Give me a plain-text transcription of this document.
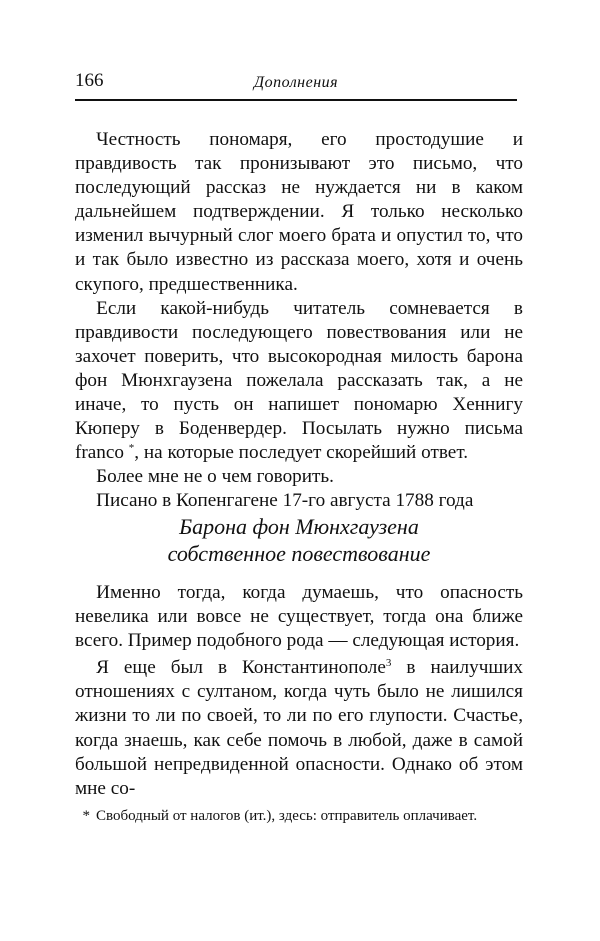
166	Дополнения

Честность пономаря, его простодушие и правдивость так пронизывают это письмо, что последующий рассказ не нуждается ни в каком дальнейшем подтверждении. Я только несколько изменил вычурный слог моего брата и опустил то, что и так было известно из рассказа моего, хотя и очень скупого, предшественника.

Если какой-нибудь читатель сомневается в правдивости последующего повествования или не захочет поверить, что высокородная милость барона фон Мюнхгаузена пожелала рассказать так, а не иначе, то пусть он напишет пономарю Хеннигу Кюперу в Боденвердер. Посылать нужно письма franco *, на которые последует скорейший ответ.

Более мне не о чем говорить.

Писано в Копенгагене 17-го августа 1788 года

Барона фон Мюнхгаузена
собственное повествование

Именно тогда, когда думаешь, что опасность невелика или вовсе не существует, тогда она ближе всего. Пример подобного рода — следующая история.

Я еще был в Константинополе$^3$ в наилучших отношениях с султаном, когда чуть было не лишился жизни то ли по своей, то ли по его глупости. Счастье, когда знаешь, как себе помочь в любой, даже в самой большой непредвиденной опасности. Однако об этом мне со-

* Свободный от налогов (ит.), здесь: отправитель оплачивает.
